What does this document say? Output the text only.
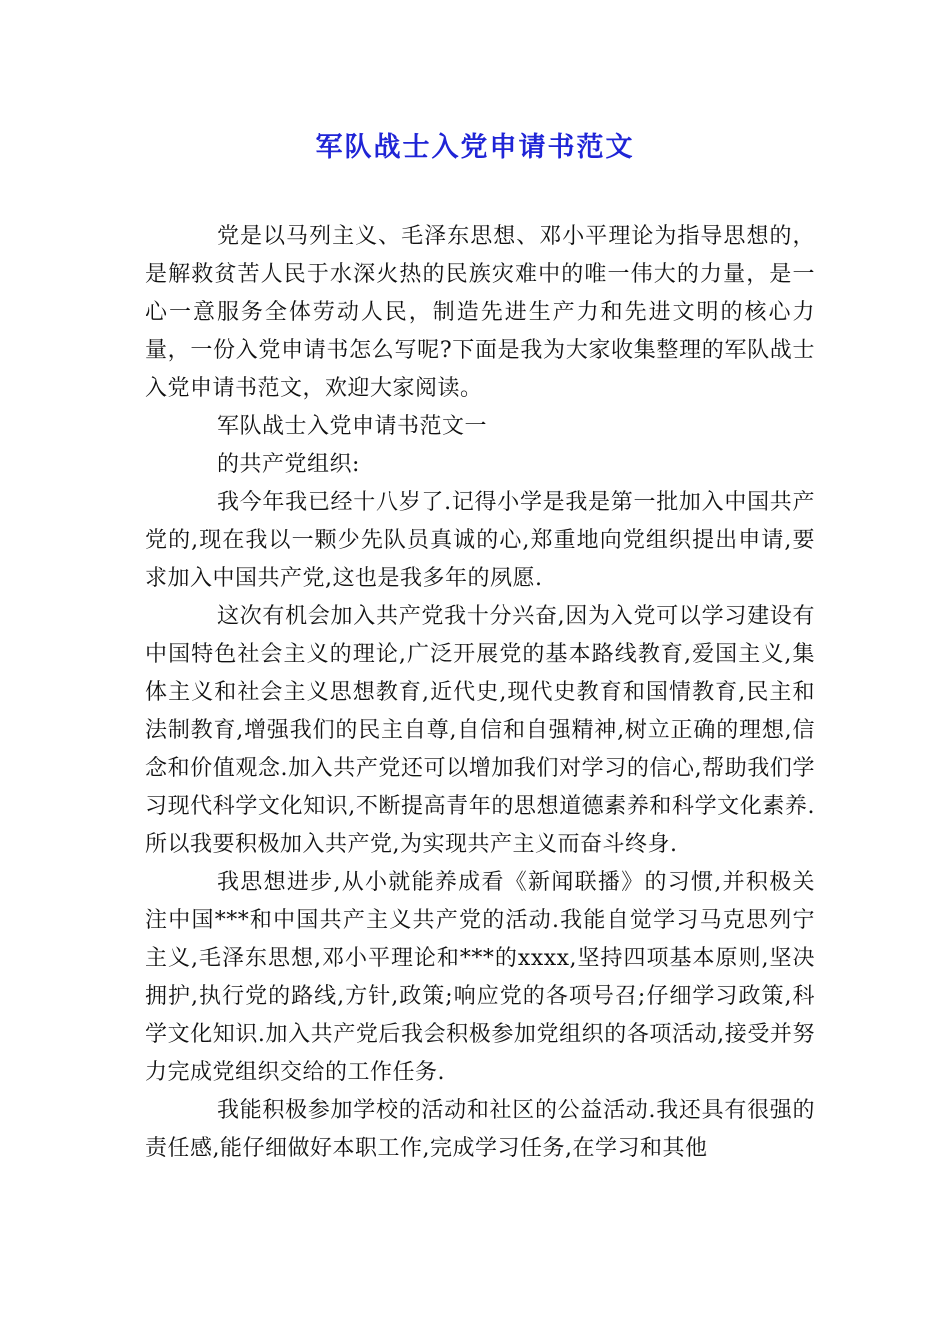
军队战士入党申请书范文

党是以马列主义、毛泽东思想、邓小平理论为指导思想的，是解救贫苦人民于水深火热的民族灾难中的唯一伟大的力量，是一心一意服务全体劳动人民，制造先进生产力和先进文明的核心力量，一份入党申请书怎么写呢?下面是我为大家收集整理的军队战士入党申请书范文，欢迎大家阅读。

军队战士入党申请书范文一

的共产党组织:

我今年我已经十八岁了.记得小学是我是第一批加入中国共产党的,现在我以一颗少先队员真诚的心,郑重地向党组织提出申请,要求加入中国共产党,这也是我多年的夙愿.

这次有机会加入共产党我十分兴奋,因为入党可以学习建设有中国特色社会主义的理论,广泛开展党的基本路线教育,爱国主义,集体主义和社会主义思想教育,近代史,现代史教育和国情教育,民主和法制教育,增强我们的民主自尊,自信和自强精神,树立正确的理想,信念和价值观念.加入共产党还可以增加我们对学习的信心,帮助我们学习现代科学文化知识,不断提高青年的思想道德素养和科学文化素养.所以我要积极加入共产党,为实现共产主义而奋斗终身.

我思想进步,从小就能养成看《新闻联播》的习惯,并积极关注中国***和中国共产主义共产党的活动.我能自觉学习马克思列宁主义,毛泽东思想,邓小平理论和***的xxxx,坚持四项基本原则,坚决拥护,执行党的路线,方针,政策;响应党的各项号召;仔细学习政策,科学文化知识.加入共产党后我会积极参加党组织的各项活动,接受并努力完成党组织交给的工作任务.

我能积极参加学校的活动和社区的公益活动.我还具有很强的责任感,能仔细做好本职工作,完成学习任务,在学习和其他
